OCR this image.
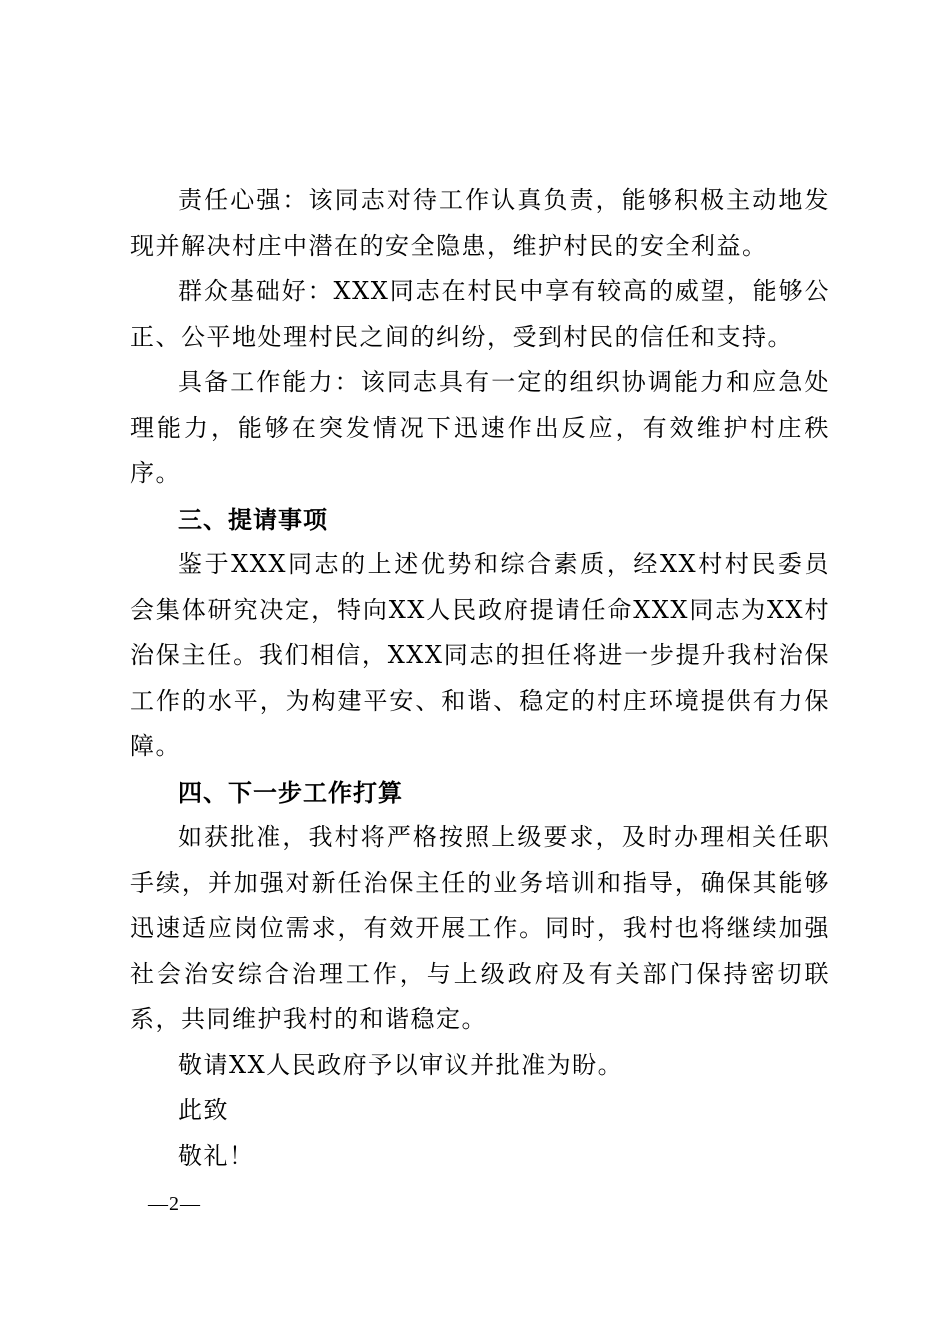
责任心强：该同志对待工作认真负责，能够积极主动地发现并解决村庄中潜在的安全隐患，维护村民的安全利益。

群众基础好：XXX同志在村民中享有较高的威望，能够公正、公平地处理村民之间的纠纷，受到村民的信任和支持。

具备工作能力：该同志具有一定的组织协调能力和应急处理能力，能够在突发情况下迅速作出反应，有效维护村庄秩序。

三、提请事项

鉴于XXX同志的上述优势和综合素质，经XX村村民委员会集体研究决定，特向XX人民政府提请任命XXX同志为XX村治保主任。我们相信，XXX同志的担任将进一步提升我村治保工作的水平，为构建平安、和谐、稳定的村庄环境提供有力保障。

四、下一步工作打算

如获批准，我村将严格按照上级要求，及时办理相关任职手续，并加强对新任治保主任的业务培训和指导，确保其能够迅速适应岗位需求，有效开展工作。同时，我村也将继续加强社会治安综合治理工作，与上级政府及有关部门保持密切联系，共同维护我村的和谐稳定。

敬请XX人民政府予以审议并批准为盼。

此致

敬礼！

—2—
